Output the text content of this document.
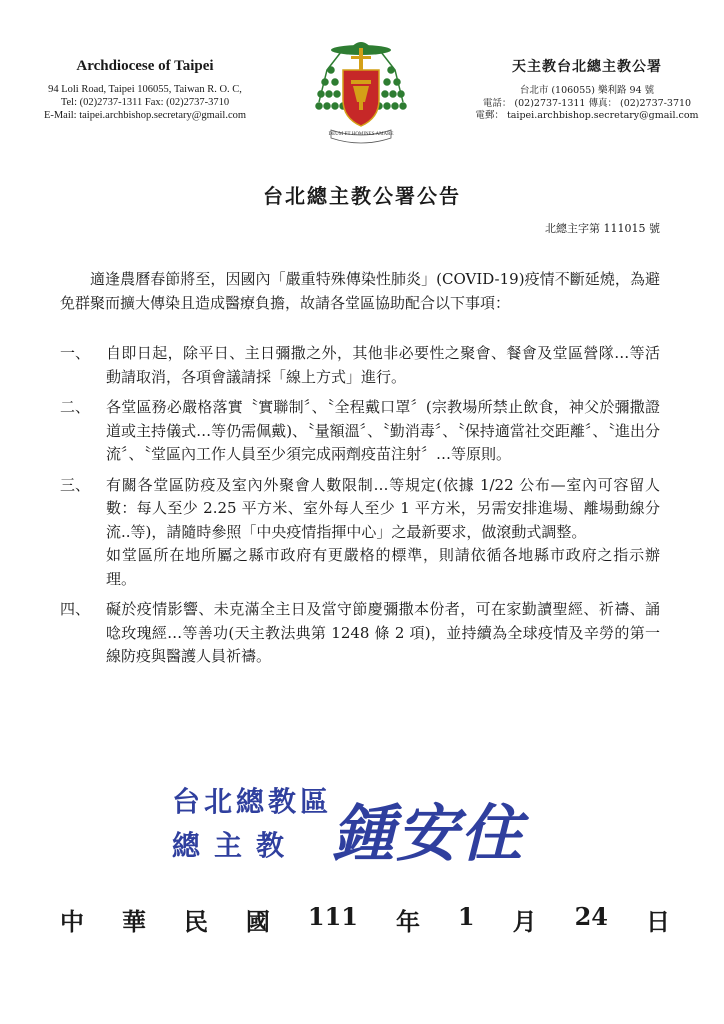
Archdiocese of Taipei
94 Loli Road, Taipei 106055, Taiwan R. O. C,
Tel: (02)2737-1311 Fax: (02)2737-3710
E-Mail: taipei.archbishop.secretary@gmail.com
DEUM ET HOMINES AMARE
天主教台北總主教公署
台北市 (106055) 樂利路 94 號
電話： (02)2737-1311 傳真： (02)2737-3710
電郵： taipei.archbishop.secretary@gmail.com
台北總主教公署公告
北總主字第 111015 號
適逢農曆春節將至，因國內「嚴重特殊傳染性肺炎」(COVID-19)疫情不斷延燒，為避免群聚而擴大傳染且造成醫療負擔，故請各堂區協助配合以下事項：
一、	自即日起，除平日、主日彌撒之外，其他非必要性之聚會、餐會及堂區營隊…等活動請取消，各項會議請採「線上方式」進行。
二、	各堂區務必嚴格落實〝實聯制〞、〝全程戴口罩〞(宗教場所禁止飲食，神父於彌撒證道或主持儀式…等仍需佩戴)、〝量額溫〞、〝勤消毒〞、〝保持適當社交距離〞、〝進出分流〞、〝堂區內工作人員至少須完成兩劑疫苗注射〞…等原則。
三、	有關各堂區防疫及室內外聚會人數限制…等規定(依據 1/22 公布—室內可容留人數：每人至少 2.25 平方米、室外每人至少 1 平方米，另需安排進場、離場動線分流..等)，請隨時參照「中央疫情指揮中心」之最新要求，做滾動式調整。
如堂區所在地所屬之縣市政府有更嚴格的標準，則請依循各地縣市政府之指示辦理。
四、	礙於疫情影響、未克滿全主日及當守節慶彌撒本份者，可在家勤讀聖經、祈禱、誦唸玫瑰經…等善功(天主教法典第 1248 條 2 項)，並持續為全球疫情及辛勞的第一線防疫與醫護人員祈禱。
台北總教區
總主教 鍾安住
中 華 民 國 111 年 1 月 24 日
